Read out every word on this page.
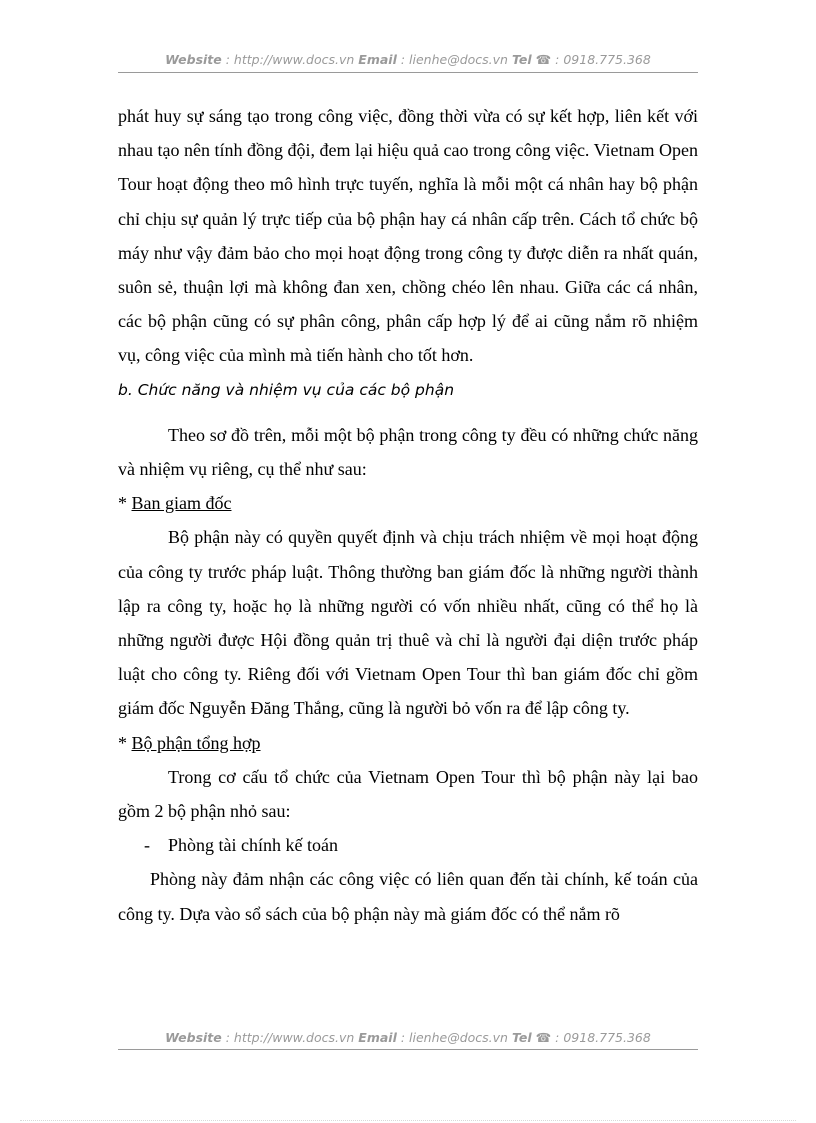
Website : http://www.docs.vn Email : lienhe@docs.vn Tel ☎ : 0918.775.368

phát huy sự sáng tạo trong công việc, đồng thời vừa có sự kết hợp, liên kết với nhau tạo nên tính đồng đội, đem lại hiệu quả cao trong công việc. Vietnam Open Tour hoạt động theo mô hình trực tuyến, nghĩa là mỗi một cá nhân hay bộ phận chỉ chịu sự quản lý trực tiếp của bộ phận hay cá nhân cấp trên. Cách tổ chức bộ máy như vậy đảm bảo cho mọi hoạt động trong công ty được diễn ra nhất quán, suôn sẻ, thuận lợi mà không đan xen, chồng chéo lên nhau. Giữa các cá nhân, các bộ phận cũng có sự phân công, phân cấp hợp lý để ai cũng nắm rõ nhiệm vụ, công việc của mình mà tiến hành cho tốt hơn.

b. Chức năng và nhiệm vụ của các bộ phận

Theo sơ đồ trên, mỗi một bộ phận trong công ty đều có những chức năng và nhiệm vụ riêng, cụ thể như sau:

* Ban giam đốc

Bộ phận này có quyền quyết định và chịu trách nhiệm về mọi hoạt động của công ty trước pháp luật. Thông thường ban giám đốc là những người thành lập ra công ty, hoặc họ là những người có vốn nhiều nhất, cũng có thể họ là những người được Hội đồng quản trị thuê và chỉ là người đại diện trước pháp luật cho công ty. Riêng đối với Vietnam Open Tour thì ban giám đốc chỉ gồm giám đốc Nguyễn Đăng Thắng, cũng là người bỏ vốn ra để lập công ty.

* Bộ phận tổng hợp

Trong cơ cấu tổ chức của Vietnam Open Tour thì bộ phận này lại bao gồm 2 bộ phận nhỏ sau:

- Phòng tài chính kế toán

Phòng này đảm nhận các công việc có liên quan đến tài chính, kế toán của công ty. Dựa vào sổ sách của bộ phận này mà giám đốc có thể nắm rõ

Website : http://www.docs.vn Email : lienhe@docs.vn Tel ☎ : 0918.775.368
